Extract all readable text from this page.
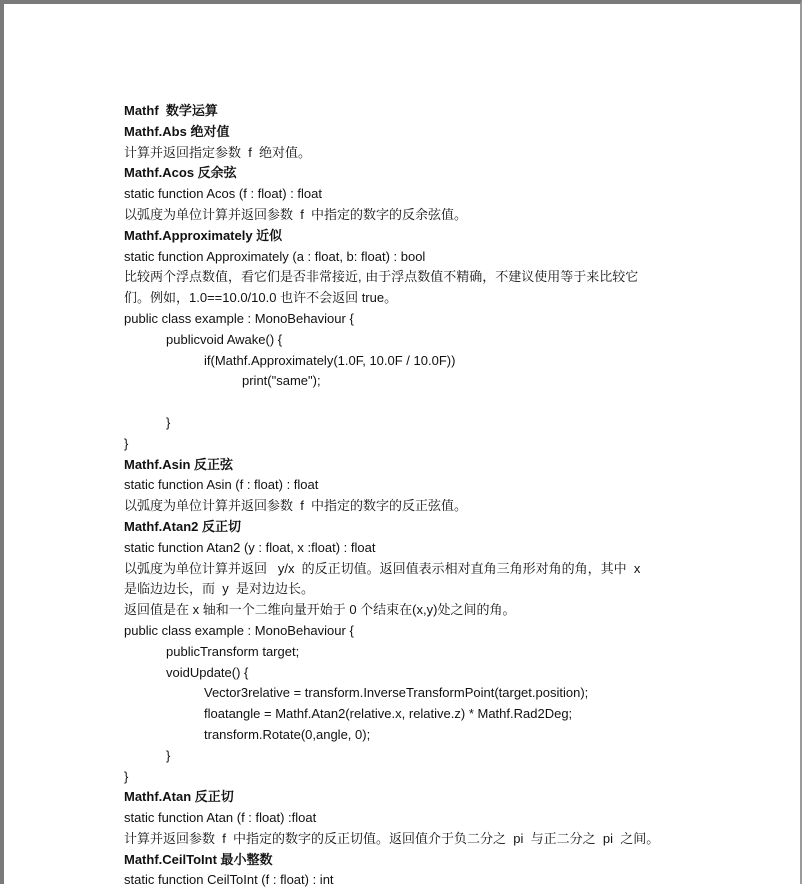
Mathf  数学运算
Mathf.Abs 绝对值
计算并返回指定参数  f  绝对值。
Mathf.Acos 反余弦
static function Acos (f : float) : float
以弧度为单位计算并返回参数  f  中指定的数字的反余弦值。
Mathf.Approximately 近似
static function Approximately (a : float, b: float) : bool
比较两个浮点数值，看它们是否非常接近, 由于浮点数值不精确，不建议使用等于来比较它
们。例如，1.0==10.0/10.0 也许不会返回 true。
public class example : MonoBehaviour {
publicvoid Awake() {
if(Mathf.Approximately(1.0F, 10.0F / 10.0F))
print("same");
}
}
Mathf.Asin 反正弦
static function Asin (f : float) : float
以弧度为单位计算并返回参数  f  中指定的数字的反正弦值。
Mathf.Atan2 反正切
static function Atan2 (y : float, x :float) : float
以弧度为单位计算并返回   y/x  的反正切值。返回值表示相对直角三角形对角的角，其中  x
是临边边长，而  y  是对边边长。
返回值是在 x 轴和一个二维向量开始于 0 个结束在(x,y)处之间的角。
public class example : MonoBehaviour {
publicTransform target;
voidUpdate() {
Vector3relative = transform.InverseTransformPoint(target.position);
floatangle = Mathf.Atan2(relative.x, relative.z) * Mathf.Rad2Deg;
transform.Rotate(0,angle, 0);
}
}
Mathf.Atan 反正切
static function Atan (f : float) :float
计算并返回参数  f  中指定的数字的反正切值。返回值介于负二分之  pi  与正二分之  pi  之间。
Mathf.CeilToInt 最小整数
static function CeilToInt (f : float) : int
